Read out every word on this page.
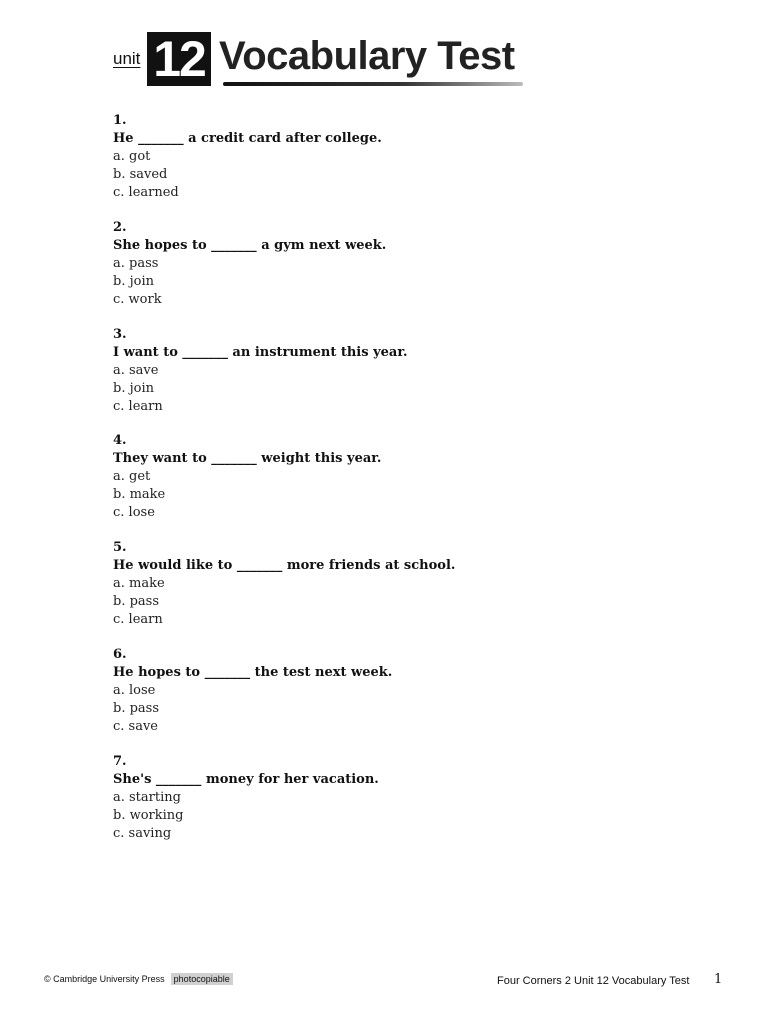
unit 12 Vocabulary Test
1.
He _______ a credit card after college.
a. got
b. saved
c. learned
2.
She hopes to _______ a gym next week.
a. pass
b. join
c. work
3.
I want to _______ an instrument this year.
a. save
b. join
c. learn
4.
They want to _______ weight this year.
a. get
b. make
c. lose
5.
He would like to _______ more friends at school.
a. make
b. pass
c. learn
6.
He hopes to _______ the test next week.
a. lose
b. pass
c. save
7.
She's _______ money for her vacation.
a. starting
b. working
c. saving
© Cambridge University Press photocopiable	Four Corners 2 Unit 12 Vocabulary Test 1
